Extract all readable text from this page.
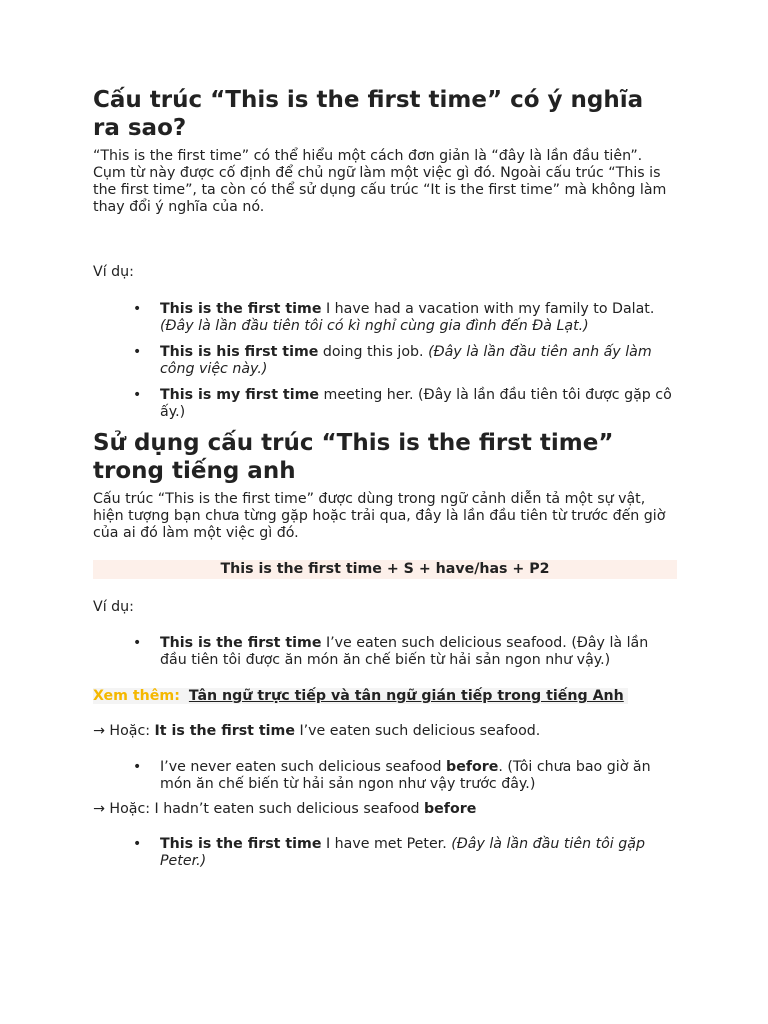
Cấu trúc “This is the first time” có ý nghĩa ra sao?

“This is the first time” có thể hiểu một cách đơn giản là “đây là lần đầu tiên”. Cụm từ này được cố định để chủ ngữ làm một việc gì đó. Ngoài cấu trúc “This is the first time”, ta còn có thể sử dụng cấu trúc “It is the first time” mà không làm thay đổi ý nghĩa của nó.

Ví dụ:

• This is the first time I have had a vacation with my family to Dalat. (Đây là lần đầu tiên tôi có kì nghỉ cùng gia đình đến Đà Lạt.)
• This is his first time doing this job. (Đây là lần đầu tiên anh ấy làm công việc này.)
• This is my first time meeting her. (Đây là lần đầu tiên tôi được gặp cô ấy.)
Sử dụng cấu trúc “This is the first time” trong tiếng anh

Cấu trúc “This is the first time” được dùng trong ngữ cảnh diễn tả một sự vật, hiện tượng bạn chưa từng gặp hoặc trải qua, đây là lần đầu tiên từ trước đến giờ của ai đó làm một việc gì đó.

This is the first time + S + have/has + P2

Ví dụ:

• This is the first time I’ve eaten such delicious seafood. (Đây là lần đầu tiên tôi được ăn món ăn chế biến từ hải sản ngon như vậy.)
Xem thêm: Tân ngữ trực tiếp và tân ngữ gián tiếp trong tiếng Anh

→ Hoặc: It is the first time I’ve eaten such delicious seafood.

• I’ve never eaten such delicious seafood before. (Tôi chưa bao giờ ăn món ăn chế biến từ hải sản ngon như vậy trước đây.)

→ Hoặc: I hadn’t eaten such delicious seafood before

• This is the first time I have met Peter. (Đây là lần đầu tiên tôi gặp Peter.)
